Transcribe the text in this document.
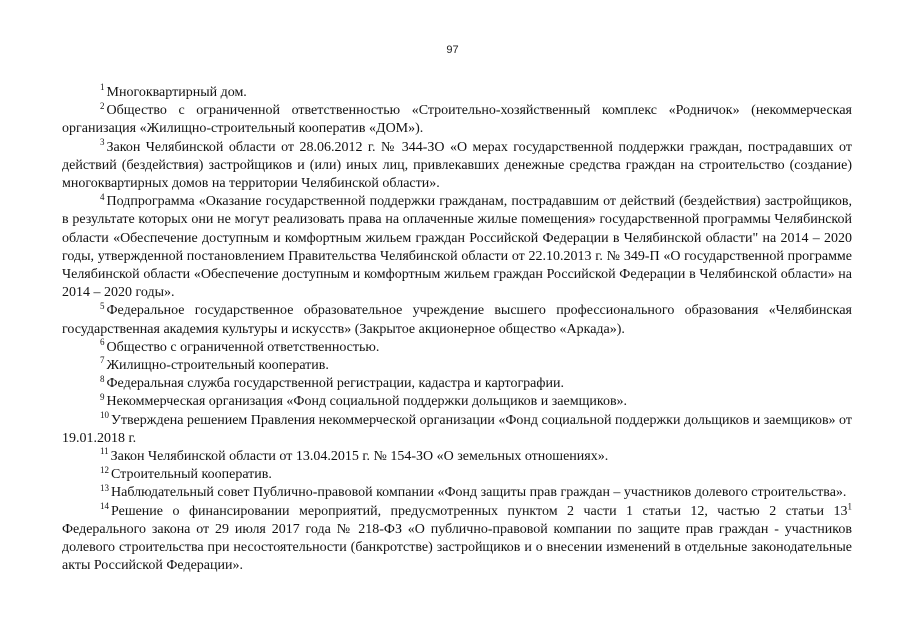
97

$^1$ Многоквартирный дом.

$^2$ Общество с ограниченной ответственностью «Строительно-хозяйственный комплекс «Родничок» (некоммерческая организация «Жилищно-строительный кооператив «ДОМ»).

$^3$ Закон Челябинской области от 28.06.2012 г. № 344-ЗО «О мерах государственной поддержки граждан, пострадавших от действий (бездействия) застройщиков и (или) иных лиц, привлекавших денежные средства граждан на строительство (создание) многоквартирных домов на территории Челябинской области».

$^4$ Подпрограмма «Оказание государственной поддержки гражданам, пострадавшим от действий (бездействия) застройщиков, в результате которых они не могут реализовать права на оплаченные жилые помещения» государственной программы Челябинской области «Обеспечение доступным и комфортным жильем граждан Российской Федерации в Челябинской области" на 2014 – 2020 годы, утвержденной постановлением Правительства Челябинской области от 22.10.2013 г. № 349-П «О государственной программе Челябинской области «Обеспечение доступным и комфортным жильем граждан Российской Федерации в Челябинской области» на 2014 – 2020 годы».

$^5$ Федеральное государственное образовательное учреждение высшего профессионального образования «Челябинская государственная академия культуры и искусств» (Закрытое акционерное общество «Аркада»).

$^6$ Общество с ограниченной ответственностью.

$^7$ Жилищно-строительный кооператив.

$^8$ Федеральная служба государственной регистрации, кадастра и картографии.

$^9$ Некоммерческая организация «Фонд социальной поддержки дольщиков и заемщиков».

$^{10}$ Утверждена решением Правления некоммерческой организации «Фонд социальной поддержки дольщиков и заемщиков» от 19.01.2018 г.

$^{11}$ Закон Челябинской области от 13.04.2015 г. № 154-ЗО «О земельных отношениях».

$^{12}$ Строительный кооператив.

$^{13}$ Наблюдательный совет Публично-правовой компании «Фонд защиты прав граждан – участников долевого строительства».

$^{14}$ Решение о финансировании мероприятий, предусмотренных пунктом 2 части 1 статьи 12, частью 2 статьи $13^1$ Федерального закона от 29 июля 2017 года № 218-ФЗ «О публично-правовой компании по защите прав граждан - участников долевого строительства при несостоятельности (банкротстве) застройщиков и о внесении изменений в отдельные законодательные акты Российской Федерации».
